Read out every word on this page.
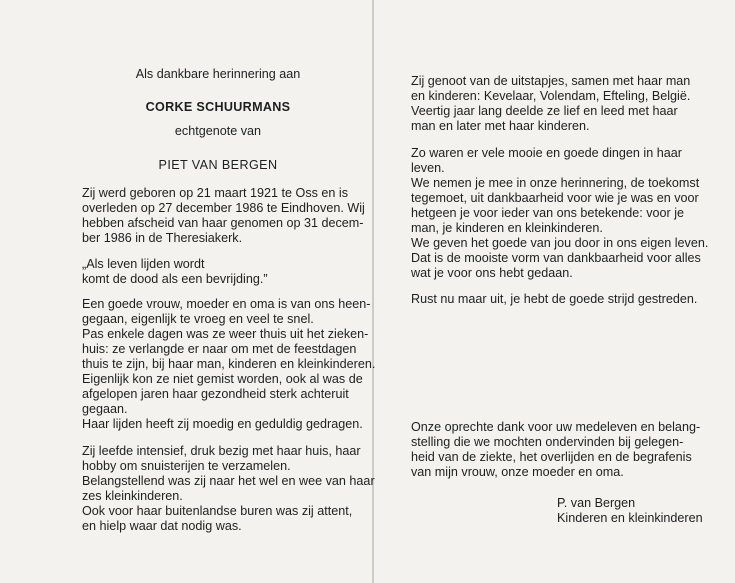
Als dankbare herinnering aan
CORKE SCHUURMANS
echtgenote van
PIET VAN BERGEN
Zij werd geboren op 21 maart 1921 te Oss en is
overleden op 27 december 1986 te Eindhoven. Wij
hebben afscheid van haar genomen op 31 decem-
ber 1986 in de Theresiakerk.
„Als leven lijden wordt
komt de dood als een bevrijding.”
Een goede vrouw, moeder en oma is van ons heen-
gegaan, eigenlijk te vroeg en veel te snel.
Pas enkele dagen was ze weer thuis uit het zieken-
huis: ze verlangde er naar om met de feestdagen
thuis te zijn, bij haar man, kinderen en kleinkinderen.
Eigenlijk kon ze niet gemist worden, ook al was de
afgelopen jaren haar gezondheid sterk achteruit
gegaan.
Haar lijden heeft zij moedig en geduldig gedragen.
Zij leefde intensief, druk bezig met haar huis, haar
hobby om snuisterijen te verzamelen.
Belangstellend was zij naar het wel en wee van haar
zes kleinkinderen.
Ook voor haar buitenlandse buren was zij attent,
en hielp waar dat nodig was.
Zij genoot van de uitstapjes, samen met haar man
en kinderen: Kevelaar, Volendam, Efteling, België.
Veertig jaar lang deelde ze lief en leed met haar
man en later met haar kinderen.
Zo waren er vele mooie en goede dingen in haar
leven.
We nemen je mee in onze herinnering, de toekomst
tegemoet, uit dankbaarheid voor wie je was en voor
hetgeen je voor ieder van ons betekende: voor je
man, je kinderen en kleinkinderen.
We geven het goede van jou door in ons eigen leven.
Dat is de mooiste vorm van dankbaarheid voor alles
wat je voor ons hebt gedaan.
Rust nu maar uit, je hebt de goede strijd gestreden.
Onze oprechte dank voor uw medeleven en belang-
stelling die we mochten ondervinden bij gelegen-
heid van de ziekte, het overlijden en de begrafenis
van mijn vrouw, onze moeder en oma.
P. van Bergen
Kinderen en kleinkinderen
